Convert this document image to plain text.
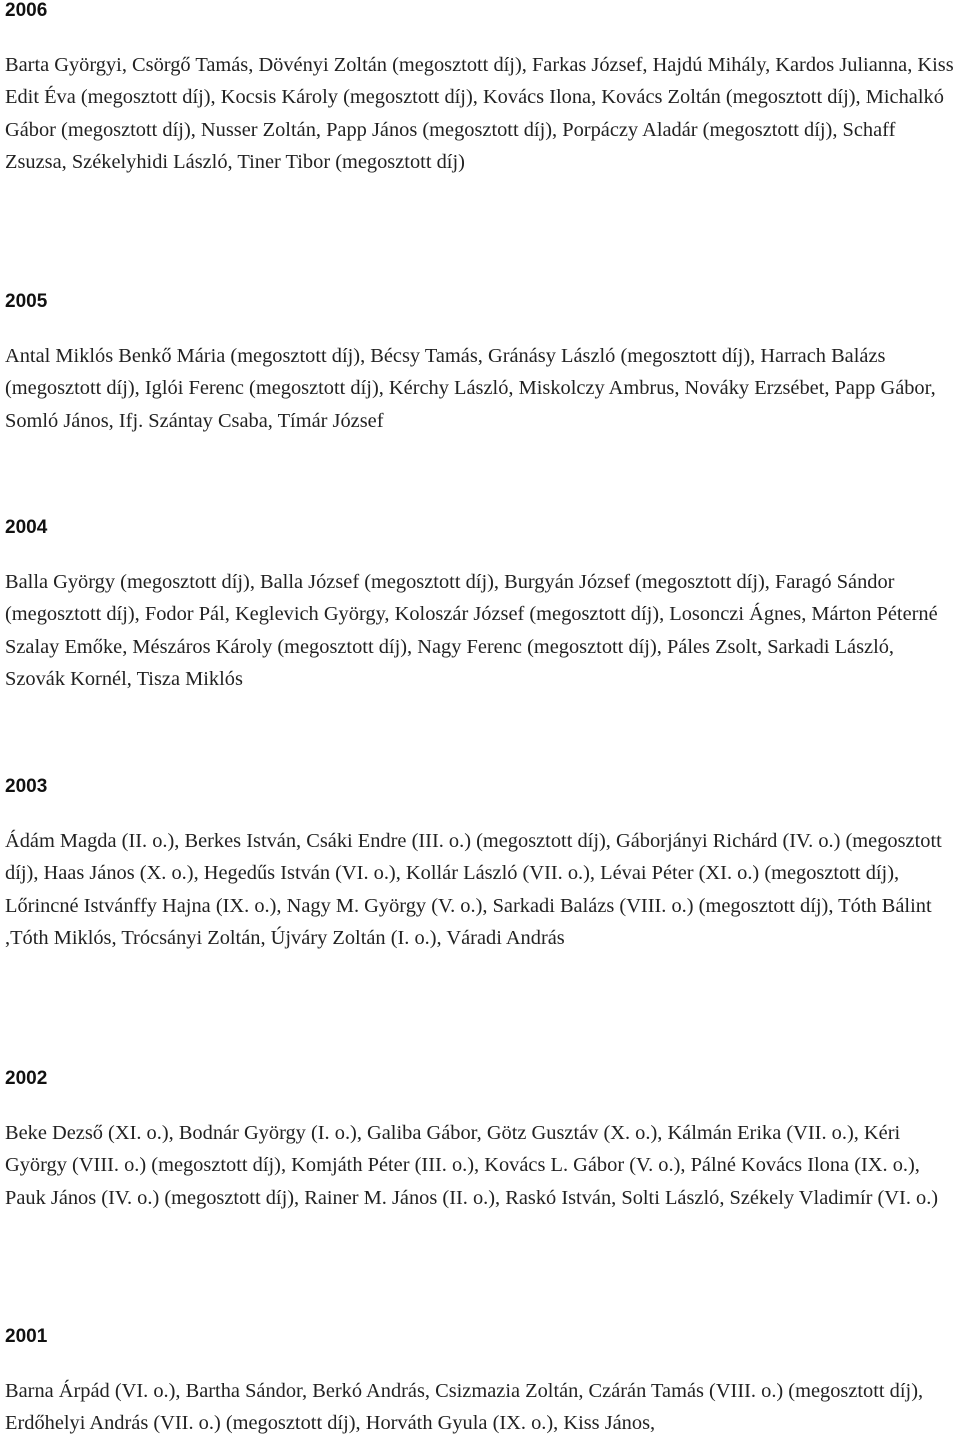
2006

Barta Györgyi, Csörgő Tamás, Dövényi Zoltán (megosztott díj), Farkas József, Hajdú Mihály, Kardos Julianna, Kiss Edit Éva (megosztott díj), Kocsis Károly (megosztott díj), Kovács Ilona, Kovács Zoltán (megosztott díj), Michalkó Gábor (megosztott díj), Nusser Zoltán, Papp János (megosztott díj), Porpáczy Aladár (megosztott díj), Schaff Zsuzsa, Székelyhidi László, Tiner Tibor (megosztott díj)

2005

Antal Miklós Benkő Mária (megosztott díj), Bécsy Tamás, Gránásy László (megosztott díj), Harrach Balázs (megosztott díj), Iglói Ferenc (megosztott díj), Kérchy László, Miskolczy Ambrus, Nováky Erzsébet, Papp Gábor, Somló János, Ifj. Szántay Csaba, Tímár József

2004

Balla György (megosztott díj), Balla József (megosztott díj), Burgyán József (megosztott díj), Faragó Sándor (megosztott díj), Fodor Pál, Keglevich György, Koloszár József (megosztott díj), Losonczi Ágnes, Márton Péterné Szalay Emőke, Mészáros Károly (megosztott díj), Nagy Ferenc (megosztott díj), Páles Zsolt, Sarkadi László, Szovák Kornél, Tisza Miklós

2003

Ádám Magda (II. o.), Berkes István, Csáki Endre (III. o.) (megosztott díj), Gáborjányi Richárd (IV. o.) (megosztott díj), Haas János (X. o.), Hegedűs István (VI. o.), Kollár László (VII. o.), Lévai Péter (XI. o.) (megosztott díj), Lőrincné Istvánffy Hajna (IX. o.), Nagy M. György (V. o.), Sarkadi Balázs (VIII. o.) (megosztott díj), Tóth Bálint ,Tóth Miklós, Trócsányi Zoltán, Újváry Zoltán (I. o.), Váradi András

2002

Beke Dezső (XI. o.), Bodnár György (I. o.), Galiba Gábor, Götz Gusztáv (X. o.), Kálmán Erika (VII. o.), Kéri György (VIII. o.) (megosztott díj), Komjáth Péter (III. o.), Kovács L. Gábor (V. o.), Pálné Kovács Ilona (IX. o.), Pauk János (IV. o.) (megosztott díj), Rainer M. János (II. o.), Raskó István, Solti László, Székely Vladimír (VI. o.)

2001

Barna Árpád (VI. o.), Bartha Sándor, Berkó András, Csizmazia Zoltán, Czárán Tamás (VIII. o.) (megosztott díj), Erdőhelyi András (VII. o.) (megosztott díj), Horváth Gyula (IX. o.), Kiss János,
